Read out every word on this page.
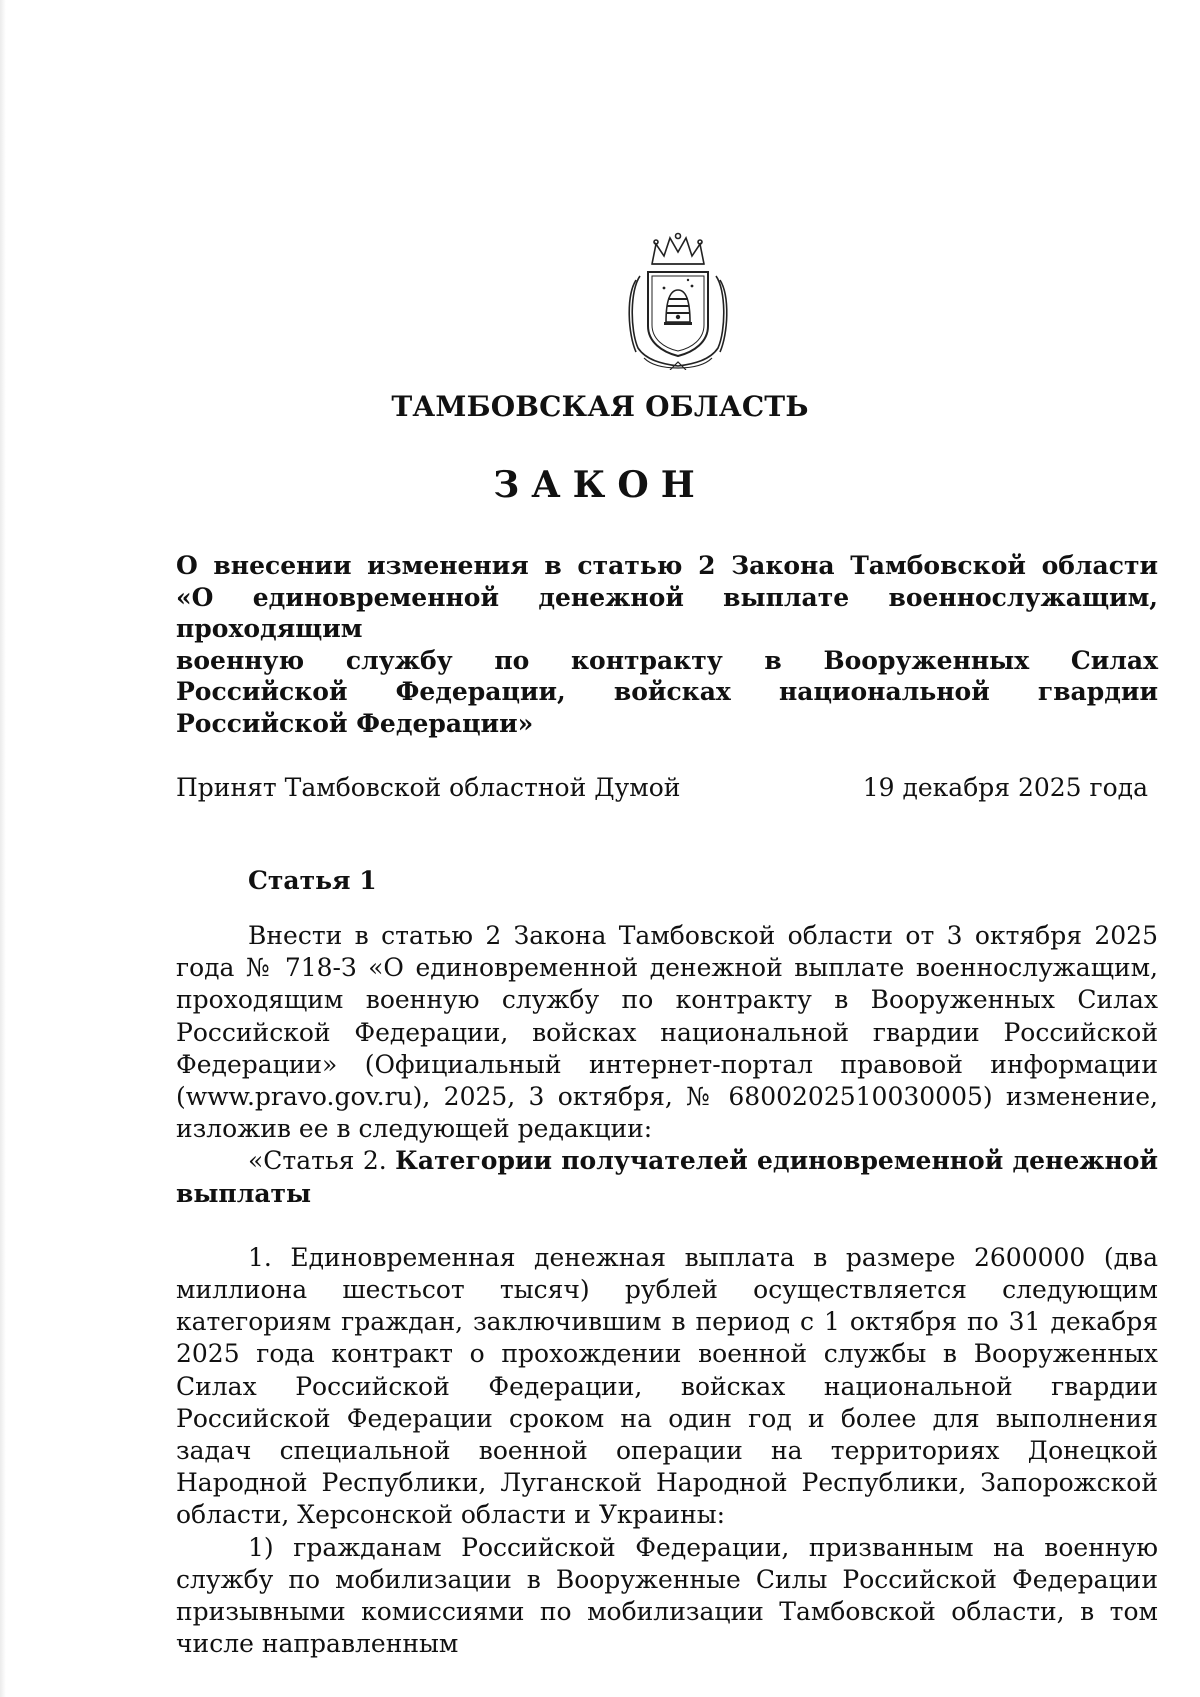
ТАМБОВСКАЯ ОБЛАСТЬ
ЗАКОН
О внесении изменения в статью 2 Закона Тамбовской области
«О единовременной денежной выплате военнослужащим, проходящим
военную службу по контракту в Вооруженных Силах
Российской Федерации, войсках национальной гвардии
Российской Федерации»
Принят Тамбовской областной Думой	19 декабря 2025 года
Статья 1

Внести в статью 2 Закона Тамбовской области от 3 октября 2025 года № 718-З «О единовременной денежной выплате военнослужащим, проходящим военную службу по контракту в Вооруженных Силах Российской Федерации, войсках национальной гвардии Российской Федерации» (Официальный интернет-портал правовой информации (www.pravo.gov.ru), 2025, 3 октября, № 6800202510030005) изменение, изложив ее в следующей редакции:

«Статья 2. Категории получателей единовременной денежной выплаты

1. Единовременная денежная выплата в размере 2600000 (два миллиона шестьсот тысяч) рублей осуществляется следующим категориям граждан, заключившим в период с 1 октября по 31 декабря 2025 года контракт о прохождении военной службы в Вооруженных Силах Российской Федерации, войсках национальной гвардии Российской Федерации сроком на один год и более для выполнения задач специальной военной операции на территориях Донецкой Народной Республики, Луганской Народной Республики, Запорожской области, Херсонской области и Украины:

1) гражданам Российской Федерации, призванным на военную службу по мобилизации в Вооруженные Силы Российской Федерации призывными комиссиями по мобилизации Тамбовской области, в том числе направленным
